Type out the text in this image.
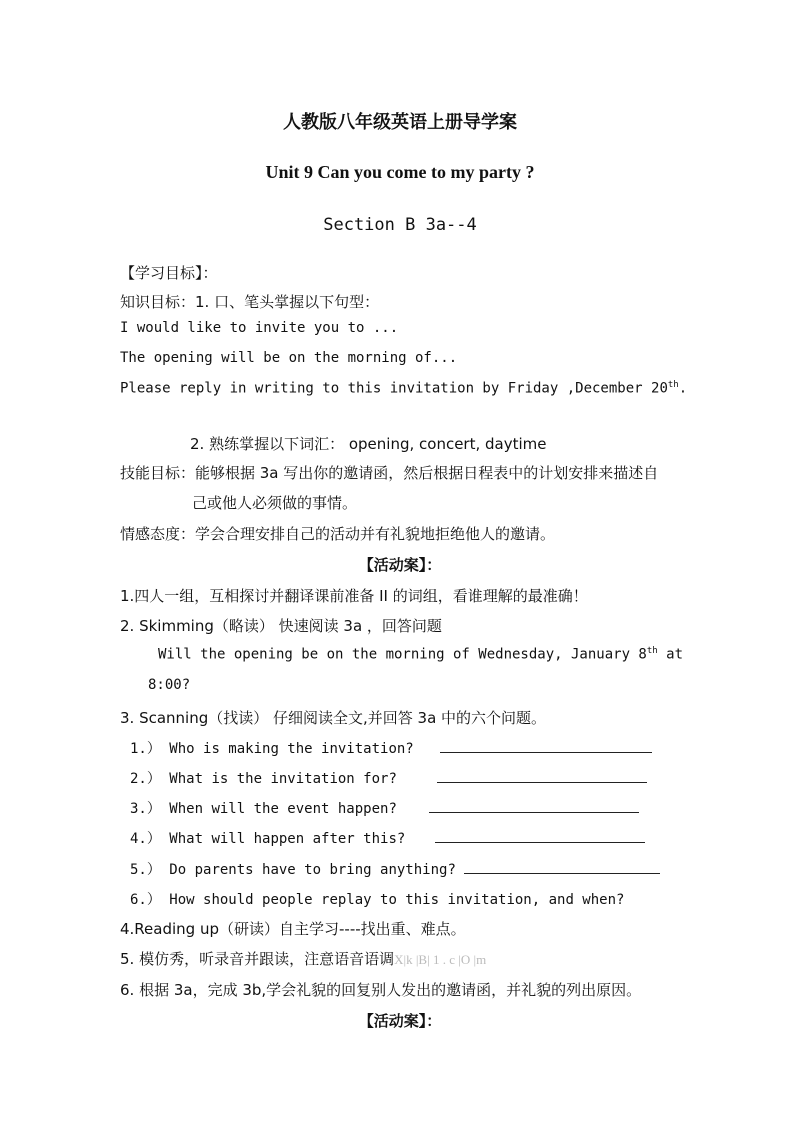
人教版八年级英语上册导学案
Unit 9 Can you come to my party ?
Section B 3a--4
【学习目标】：
知识目标：1. 口、笔头掌握以下句型：
I would like to invite you to ...
The opening will be on the morning of...
Please reply in writing to this invitation by Friday ,December 20th.
2. 熟练掌握以下词汇： opening, concert, daytime
技能目标：能够根据 3a 写出你的邀请函，然后根据日程表中的计划安排来描述自
己或他人必须做的事情。
情感态度：学会合理安排自己的活动并有礼貌地拒绝他人的邀请。
【活动案】：
1.四人一组，互相探讨并翻译课前准备 II 的词组，看谁理解的最准确！
2. Skimming（略读） 快速阅读 3a ，回答问题
Will the opening be on the morning of Wednesday, January 8th at
8:00?
3. Scanning（找读） 仔细阅读全文,并回答 3a 中的六个问题。
1.） Who is making the invitation?
2.） What is the invitation for?
3.） When will the event happen?
4.） What will happen after this?
5.） Do parents have to bring anything?
6.） How should people replay to this invitation, and when?
4.Reading up（研读）自主学习----找出重、难点。
5. 模仿秀，听录音并跟读，注意语音语调X|k |B| 1 . c |O |m
6. 根据 3a，完成 3b,学会礼貌的回复别人发出的邀请函，并礼貌的列出原因。
【活动案】：
